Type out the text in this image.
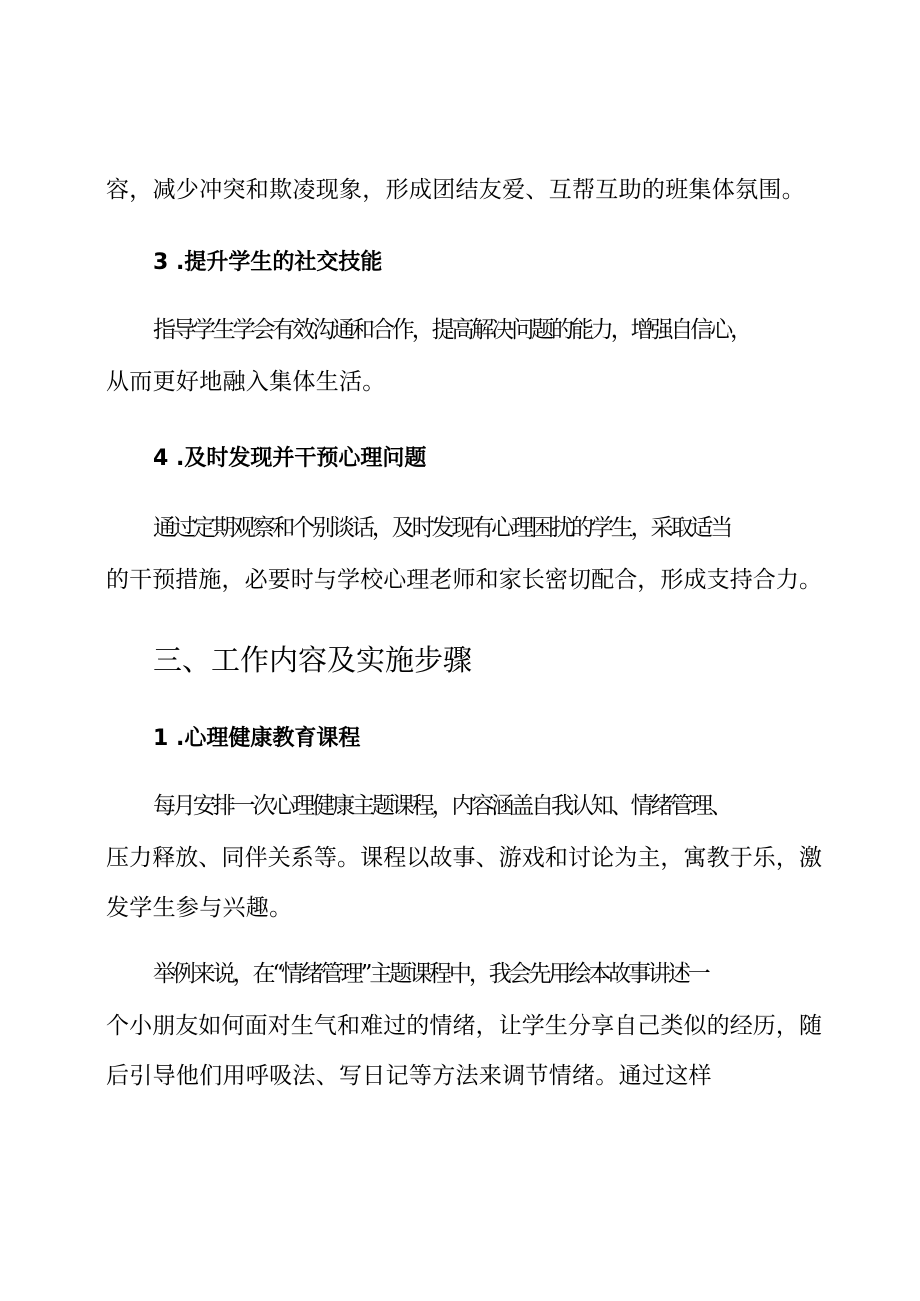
容，减少冲突和欺凌现象，形成团结友爱、互帮互助的班集体氛围。
3 .提升学生的社交技能
指导学生学会有效沟通和合作，提高解决问题的能力，增强自信心，
从而更好地融入集体生活。
4 .及时发现并干预心理问题
通过定期观察和个别谈话，及时发现有心理困扰的学生，采取适当
的干预措施，必要时与学校心理老师和家长密切配合，形成支持合力。
三、工作内容及实施步骤
1 .心理健康教育课程
每月安排一次心理健康主题课程，内容涵盖自我认知、情绪管理、
压力释放、同伴关系等。课程以故事、游戏和讨论为主，寓教于乐，激
发学生参与兴趣。
举例来说，在“情绪管理”主题课程中，我会先用绘本故事讲述一
个小朋友如何面对生气和难过的情绪，让学生分享自己类似的经历，随
后引导他们用呼吸法、写日记等方法来调节情绪。通过这样
